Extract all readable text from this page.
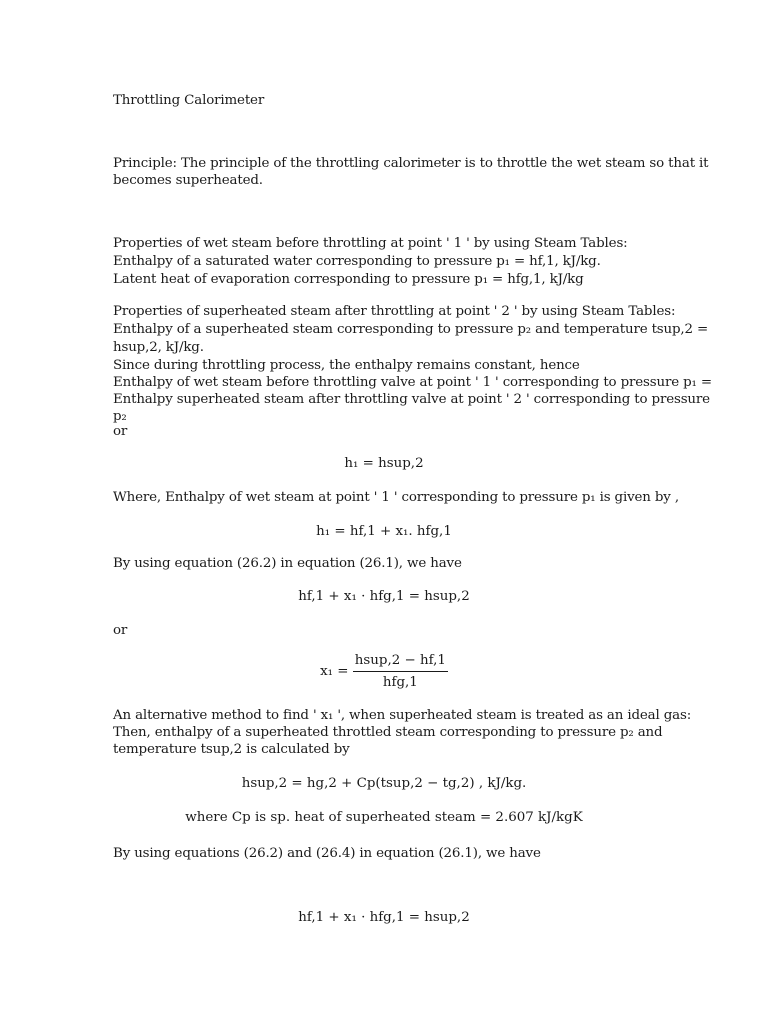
Throttling Calorimeter
Principle: The principle of the throttling calorimeter is to throttle the wet steam so that it
becomes superheated.
Properties of wet steam before throttling at point ' 1 ' by using Steam Tables:
Enthalpy of a saturated water corresponding to pressure p₁ = hf,1, kJ/kg.
Latent heat of evaporation corresponding to pressure p₁ = hfg,1, kJ/kg
Properties of superheated steam after throttling at point ' 2 ' by using Steam Tables:
Enthalpy of a superheated steam corresponding to pressure p₂ and temperature tsup,2 =
hsup,2, kJ/kg.
Since during throttling process, the enthalpy remains constant, hence
Enthalpy of wet steam before throttling valve at point ' 1 ' corresponding to pressure p₁ =
Enthalpy superheated steam after throttling valve at point ' 2 ' corresponding to pressure
p₂
or
h₁ = hsup,2
Where, Enthalpy of wet steam at point ' 1 ' corresponding to pressure p₁ is given by ,
h₁ = hf,1 + x₁. hfg,1
By using equation (26.2) in equation (26.1), we have
hf,1 + x₁ · hfg,1 = hsup,2
or
$x_1 = \frac{\text{hsup,2 − hf,1}}{\text{hfg,1}}$
An alternative method to find ' x₁ ', when superheated steam is treated as an ideal gas:
Then, enthalpy of a superheated throttled steam corresponding to pressure p₂ and
temperature tsup,2 is calculated by
hsup,2 = hg,2 + Cp(tsup,2 − tg,2) , kJ/kg.
where Cp is sp. heat of superheated steam = 2.607 kJ/kgK
By using equations (26.2) and (26.4) in equation (26.1), we have
hf,1 + x₁ · hfg,1 = hsup,2
